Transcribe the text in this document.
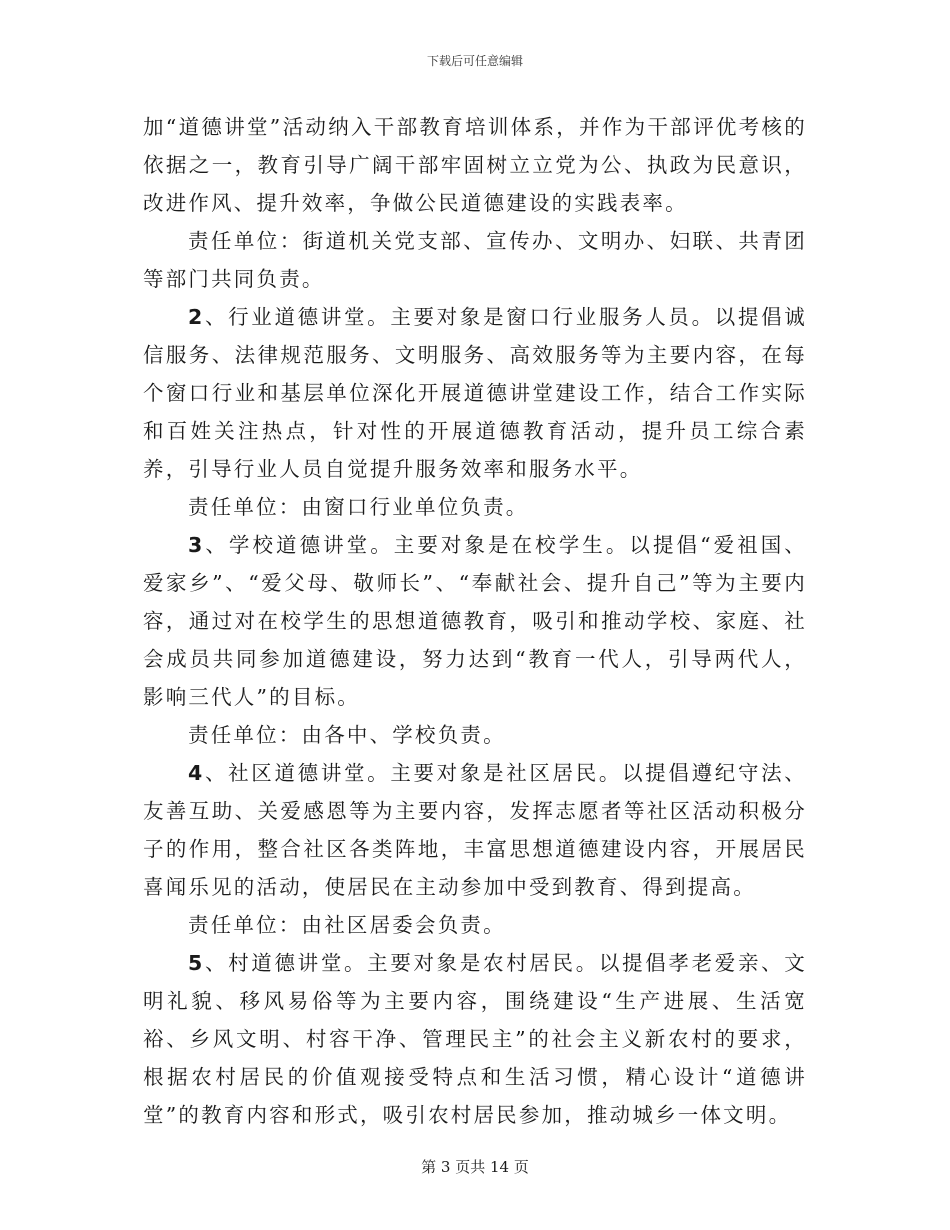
下载后可任意编辑

加“道德讲堂”活动纳入干部教育培训体系，并作为干部评优考核的依据之一，教育引导广阔干部牢固树立立党为公、执政为民意识，改进作风、提升效率，争做公民道德建设的实践表率。

责任单位：街道机关党支部、宣传办、文明办、妇联、共青团等部门共同负责。

2、行业道德讲堂。主要对象是窗口行业服务人员。以提倡诚信服务、法律规范服务、文明服务、高效服务等为主要内容，在每个窗口行业和基层单位深化开展道德讲堂建设工作，结合工作实际和百姓关注热点，针对性的开展道德教育活动，提升员工综合素养，引导行业人员自觉提升服务效率和服务水平。

责任单位：由窗口行业单位负责。

3、学校道德讲堂。主要对象是在校学生。以提倡“爱祖国、爱家乡”、“爱父母、敬师长”、“奉献社会、提升自己”等为主要内容，通过对在校学生的思想道德教育，吸引和推动学校、家庭、社会成员共同参加道德建设，努力达到“教育一代人，引导两代人，影响三代人”的目标。

责任单位：由各中、学校负责。

4、社区道德讲堂。主要对象是社区居民。以提倡遵纪守法、友善互助、关爱感恩等为主要内容，发挥志愿者等社区活动积极分子的作用，整合社区各类阵地，丰富思想道德建设内容，开展居民喜闻乐见的活动，使居民在主动参加中受到教育、得到提高。

责任单位：由社区居委会负责。

5、村道德讲堂。主要对象是农村居民。以提倡孝老爱亲、文明礼貌、移风易俗等为主要内容，围绕建设“生产进展、生活宽裕、乡风文明、村容干净、管理民主”的社会主义新农村的要求，根据农村居民的价值观接受特点和生活习惯，精心设计“道德讲堂”的教育内容和形式，吸引农村居民参加，推动城乡一体文明。

第 3 页共 14 页
